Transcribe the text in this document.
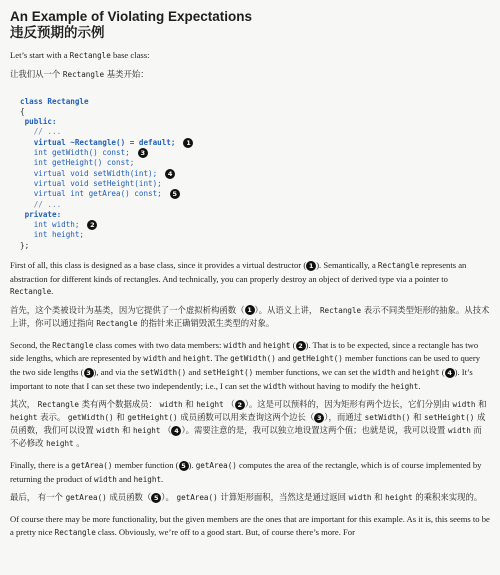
An Example of Violating Expectations
违反预期的示例

Let’s start with a Rectangle base class:

让我们从一个 Rectangle 基类开始：

class Rectangle
{
public:
// ...
virtual ~Rectangle() = default; 1
int getWidth() const; 3
int getHeight() const;
virtual void setWidth(int); 4
virtual void setHeight(int);
virtual int getArea() const; 5
// ...
private:
int width; 2
int height;
};

First of all, this class is designed as a base class, since it provides a virtual destructor ( 1 ). Semantically, a Rectangle represents an abstraction for different kinds of rectangles. And technically, you can properly destroy an object of derived type via a pointer to Rectangle.

首先，这个类被设计为基类，因为它提供了一个虚拟析构函数（ 1 ）。从语义上讲， Rectangle 表示不同类型矩形的抽象。从技术上讲，你可以通过指向 Rectangle 的指针来正确销毁派生类型的对象。

Second, the Rectangle class comes with two data members: width and height ( 2 ). That is to be expected, since a rectangle has two side lengths, which are represented by width and height. The getWidth() and getHeight() member functions can be used to query the two side lengths ( 3 ), and via the setWidth() and setHeight() member functions, we can set the width and height ( 4 ). It’s important to note that I can set these two independently; i.e., I can set the width without having to modify the height.

其次， Rectangle 类有两个数据成员： width 和 height （ 2 ）。这是可以预料的，因为矩形有两个边长，它们分别由 width 和 height 表示。 getWidth() 和 getHeight() 成员函数可以用来查询这两个边长（ 3 ），而通过 setWidth() 和 setHeight() 成员函数，我们可以设置 width 和 height （ 4 ）。需要注意的是，我可以独立地设置这两个值；也就是说，我可以设置 width 而不必修改 height 。

Finally, there is a getArea() member function ( 5 ). getArea() computes the area of the rectangle, which is of course implemented by returning the product of width and height.

最后， 有一个 getArea() 成员函数（ 5 ）。 getArea() 计算矩形面积，当然这是通过返回 width 和 height 的乘积来实现的。

Of course there may be more functionality, but the given members are the ones that are important for this example. As it is, this seems to be a pretty nice Rectangle class. Obviously, we’re off to a good start. But, of course there’s more. For
